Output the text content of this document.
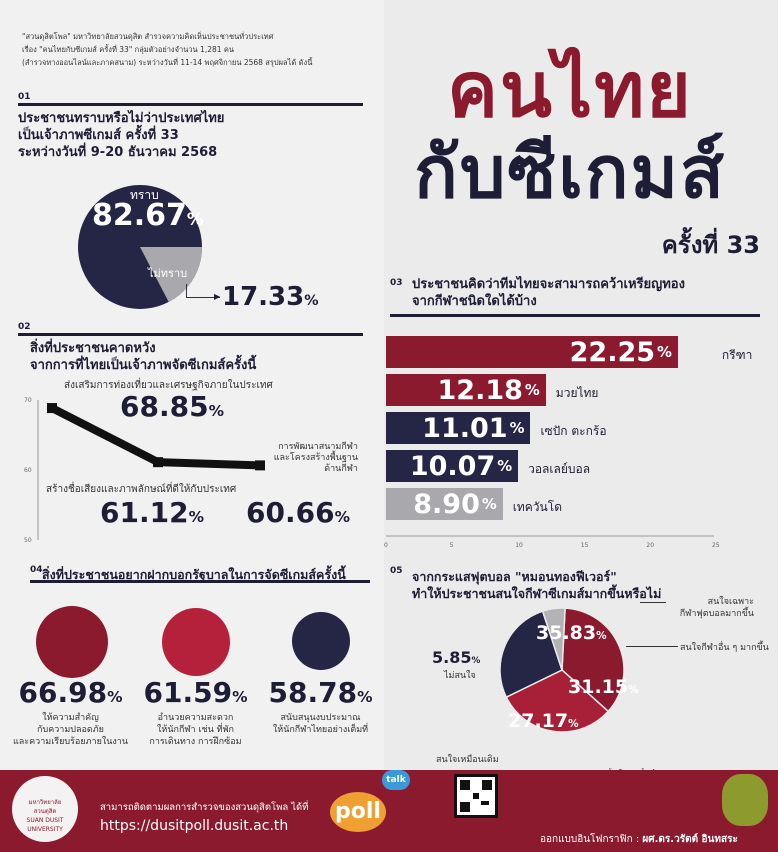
"สวนดุสิตโพล" มหาวิทยาลัยสวนดุสิต สำรวจความคิดเห็นประชาชนทั่วประเทศ
เรื่อง "คนไทยกับซีเกมส์ ครั้งที่ 33" กลุ่มตัวอย่างจำนวน 1,281 คน
(สำรวจทางออนไลน์และภาคสนาม) ระหว่างวันที่ 11-14 พฤศจิกายน 2568 สรุปผลได้ ดังนี้	คนไทย
กับซีเกมส์
ครั้งที่ 33
01
ประชาชนทราบหรือไม่ว่าประเทศไทย
เป็นเจ้าภาพซีเกมส์ ครั้งที่ 33
ระหว่างวันที่ 9-20 ธันวาคม 2568
ทราบ
82.67%
ไม่ทราบ
▶ 17.33%
02
สิ่งที่ประชาชนคาดหวัง
จากการที่ไทยเป็นเจ้าภาพจัดซีเกมส์ครั้งนี้
70
60
50
ส่งเสริมการท่องเที่ยวและเศรษฐกิจภายในประเทศ
68.85%
สร้างชื่อเสียงและภาพลักษณ์ที่ดีให้กับประเทศ
61.12%
การพัฒนาสนามกีฬา
และโครงสร้างพื้นฐาน
ด้านกีฬา
60.66%
03 ประชาชนคิดว่าทีมไทยจะสามารถคว้าเหรียญทอง
จากกีฬาชนิดใดได้บ้าง
22.25 %	กรีฑา
12.18 % มวยไทย
11.01 % เซปัก ตะกร้อ
10.07 % วอลเลย์บอล
8.90 % เทควันโด
0	5	10	15	20	25
04 สิ่งที่ประชาชนอยากฝากบอกรัฐบาลในการจัดซีเกมส์ครั้งนี้
66.98% 61.59% 58.78%
ให้ความสำคัญ
กับความปลอดภัย
และความเรียบร้อยภายในงาน
อำนวยความสะดวก
ให้นักกีฬา เช่น ที่พัก
การเดินทาง การฝึกซ้อม
สนับสนุนงบประมาณ
ให้นักกีฬาไทยอย่างเต็มที่
05 จากกระแสฟุตบอล "หมอนทองฟีเวอร์"
ทำให้ประชาชนสนใจกีฬาซีเกมส์มากขึ้นหรือไม่
35.83%
31.15%
27.17%
5.85%
ไม่สนใจ
สนใจเฉพาะ
กีฬาฟุตบอลมากขึ้น
สนใจกีฬาอื่น ๆ มากขึ้น
สนใจเหมือนเดิม
มหาวิทยาลัยสวนดุสิต
SUAN DUSIT UNIVERSITY
สามารถติดตามผลการสำรวจของสวนดุสิตโพล ได้ที่
https://dusitpoll.dusit.ac.th
talk
poll
ออกแบบอินโฟกราฟิก : ผศ.ดร.วรัตต์ อินทสระ
